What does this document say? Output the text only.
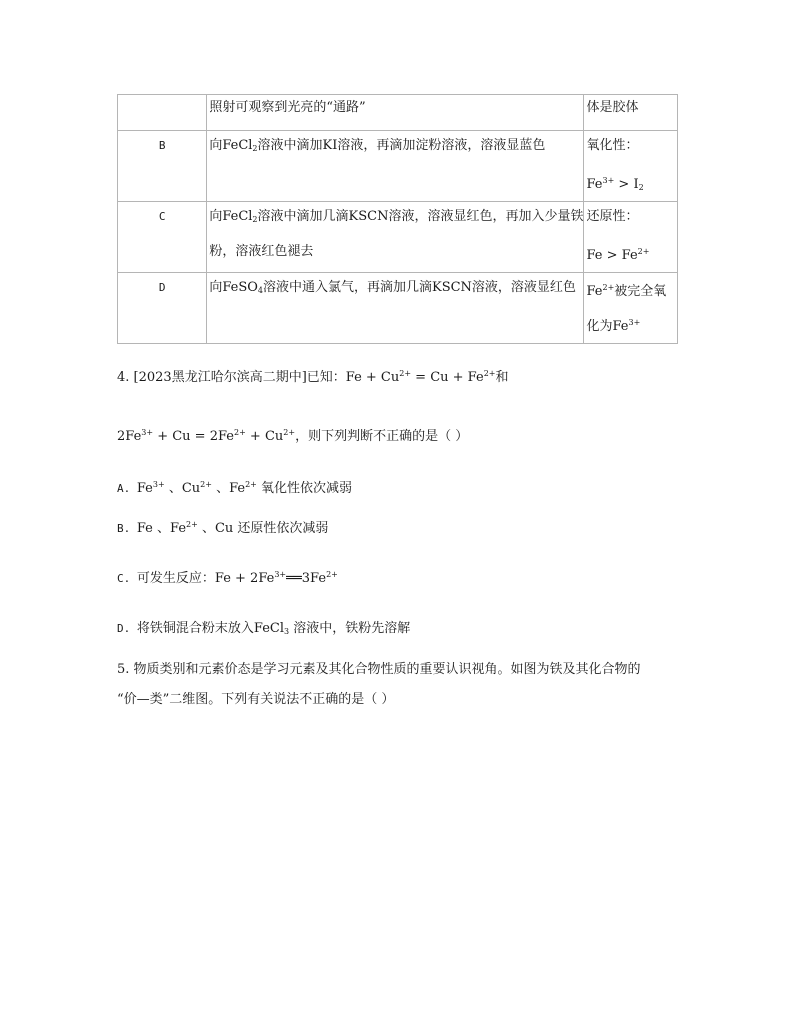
	照射可观察到光亮的“通路”	体是胶体

B	向FeCl$_2$溶液中滴加KI溶液，再滴加淀粉溶液，溶液显蓝色	氧化性：
$Fe^{3+} > I_2$

C	向FeCl$_2$溶液中滴加几滴KSCN溶液，溶液显红色，再加入少量铁
粉，溶液红色褪去	还原性：
$Fe > Fe^{2+}$

D	向FeSO$_4$溶液中通入氯气，再滴加几滴KSCN溶液，溶液显红色	$Fe^{2+}$被完全氧
化为$Fe^{3+}$
4. [2023黑龙江哈尔滨高二期中]已知：$Fe + Cu^{2+} = Cu + Fe^{2+}$和
$2Fe^{3+} + Cu = 2Fe^{2+} + Cu^{2+}$，则下列判断不正确的是（ ）
A. $Fe^{3+}$ 、$Cu^{2+}$ 、$Fe^{2+}$ 氧化性依次减弱
B. Fe 、$Fe^{2+}$ 、Cu 还原性依次减弱
C. 可发生反应：$Fe + 2Fe^{3+}══3Fe^{2+}$
D. 将铁铜混合粉末放入FeCl$_3$ 溶液中，铁粉先溶解
5. 物质类别和元素价态是学习元素及其化合物性质的重要认识视角。如图为铁及其化合物的
“价—类”二维图。下列有关说法不正确的是（ ）
